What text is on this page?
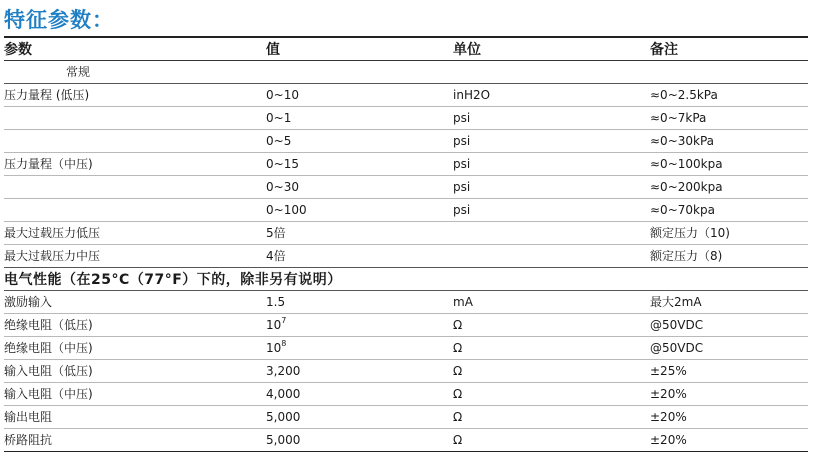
特征参数：
参数	值	单位	备注
常规			
压力量程 (低压)	0~10	inH2O	≈0~2.5kPa
	0~1	psi	≈0~7kPa
	0~5	psi	≈0~30kPa
压力量程（中压)	0~15	psi	≈0~100kpa
	0~30	psi	≈0~200kpa
	0~100	psi	≈0~70kpa
最大过载压力低压	5倍		额定压力（10)
最大过载压力中压	4倍		额定压力（8)
电气性能（在25°C（77°F）下的，除非另有说明）			
激励输入	1.5	mA	最大2mA
绝缘电阻（低压)	$10^7$	Ω	@50VDC
绝缘电阻（中压)	$10^8$	Ω	@50VDC
输入电阻（低压)	3,200	Ω	±25%
输入电阻（中压)	4,000	Ω	±20%
输出电阻	5,000	Ω	±20%
桥路阻抗	5,000	Ω	±20%
